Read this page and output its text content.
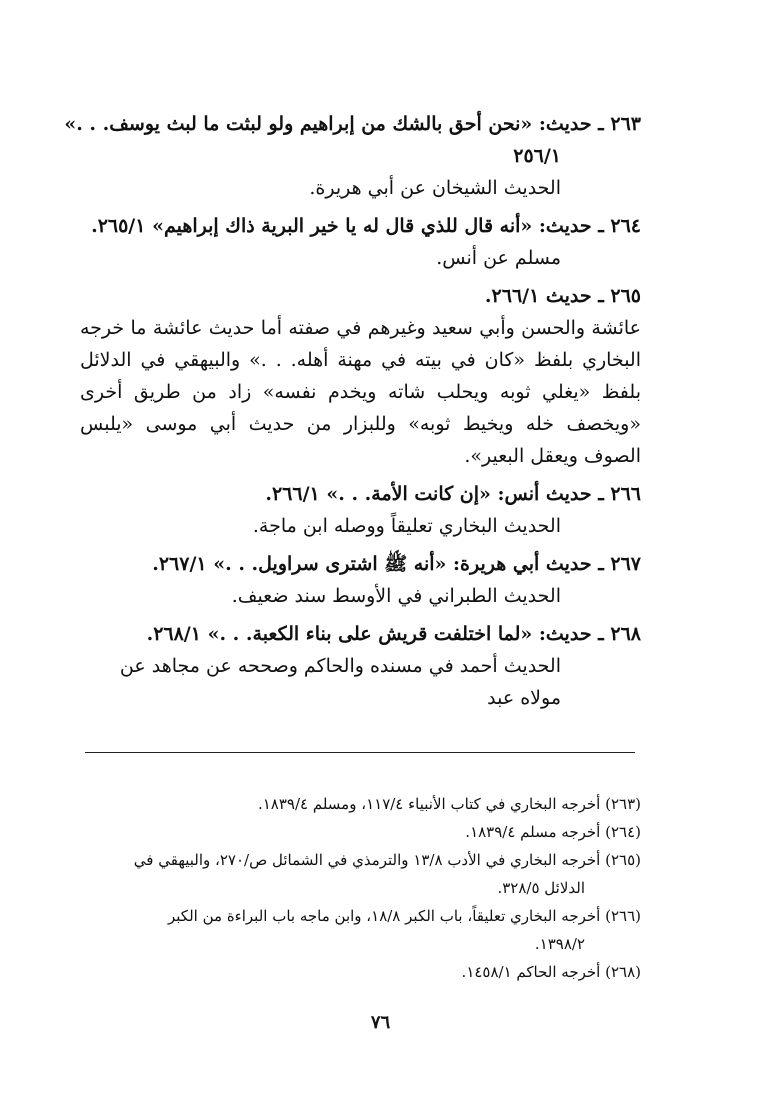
٢٦٣ ـ حديث: «نحن أحق بالشك من إبراهيم ولو لبثت ما لبث يوسف. . .»
٢٥٦/١
الحديث الشيخان عن أبي هريرة.
٢٦٤ ـ حديث: «أنه قال للذي قال له يا خير البرية ذاك إبراهيم» ٢٦٥/١.
مسلم عن أنس.
٢٦٥ ـ حديث ٢٦٦/١.
عائشة والحسن وأبي سعيد وغيرهم في صفته أما حديث عائشة ما خرجه البخاري بلفظ «كان في بيته في مهنة أهله. . .» والبيهقي في الدلائل بلفظ «يغلي ثوبه ويحلب شاته ويخدم نفسه» زاد من طريق أخرى «ويخصف خله ويخيط ثوبه» وللبزار من حديث أبي موسى «يلبس الصوف ويعقل البعير».
٢٦٦ ـ حديث أنس: «إن كانت الأمة. . .» ٢٦٦/١.
الحديث البخاري تعليقاً ووصله ابن ماجة.
٢٦٧ ـ حديث أبي هريرة: «أنه ﷺ اشترى سراويل. . .» ٢٦٧/١.
الحديث الطبراني في الأوسط سند ضعيف.
٢٦٨ ـ حديث: «لما اختلفت قريش على بناء الكعبة. . .» ٢٦٨/١.
الحديث أحمد في مسنده والحاكم وصححه عن مجاهد عن مولاه عبد
(٢٦٣) أخرجه البخاري في كتاب الأنبياء ١١٧/٤، ومسلم ١٨٣٩/٤.
(٢٦٤) أخرجه مسلم ١٨٣٩/٤.
(٢٦٥) أخرجه البخاري في الأدب ١٣/٨ والترمذي في الشمائل ص/٢٧٠، والبيهقي في
الدلائل ٣٢٨/٥.
(٢٦٦) أخرجه البخاري تعليقاً، باب الكبر ١٨/٨، وابن ماجه باب البراءة من الكبر
١٣٩٨/٢.
(٢٦٨) أخرجه الحاكم ١٤٥٨/١.
٧٦
